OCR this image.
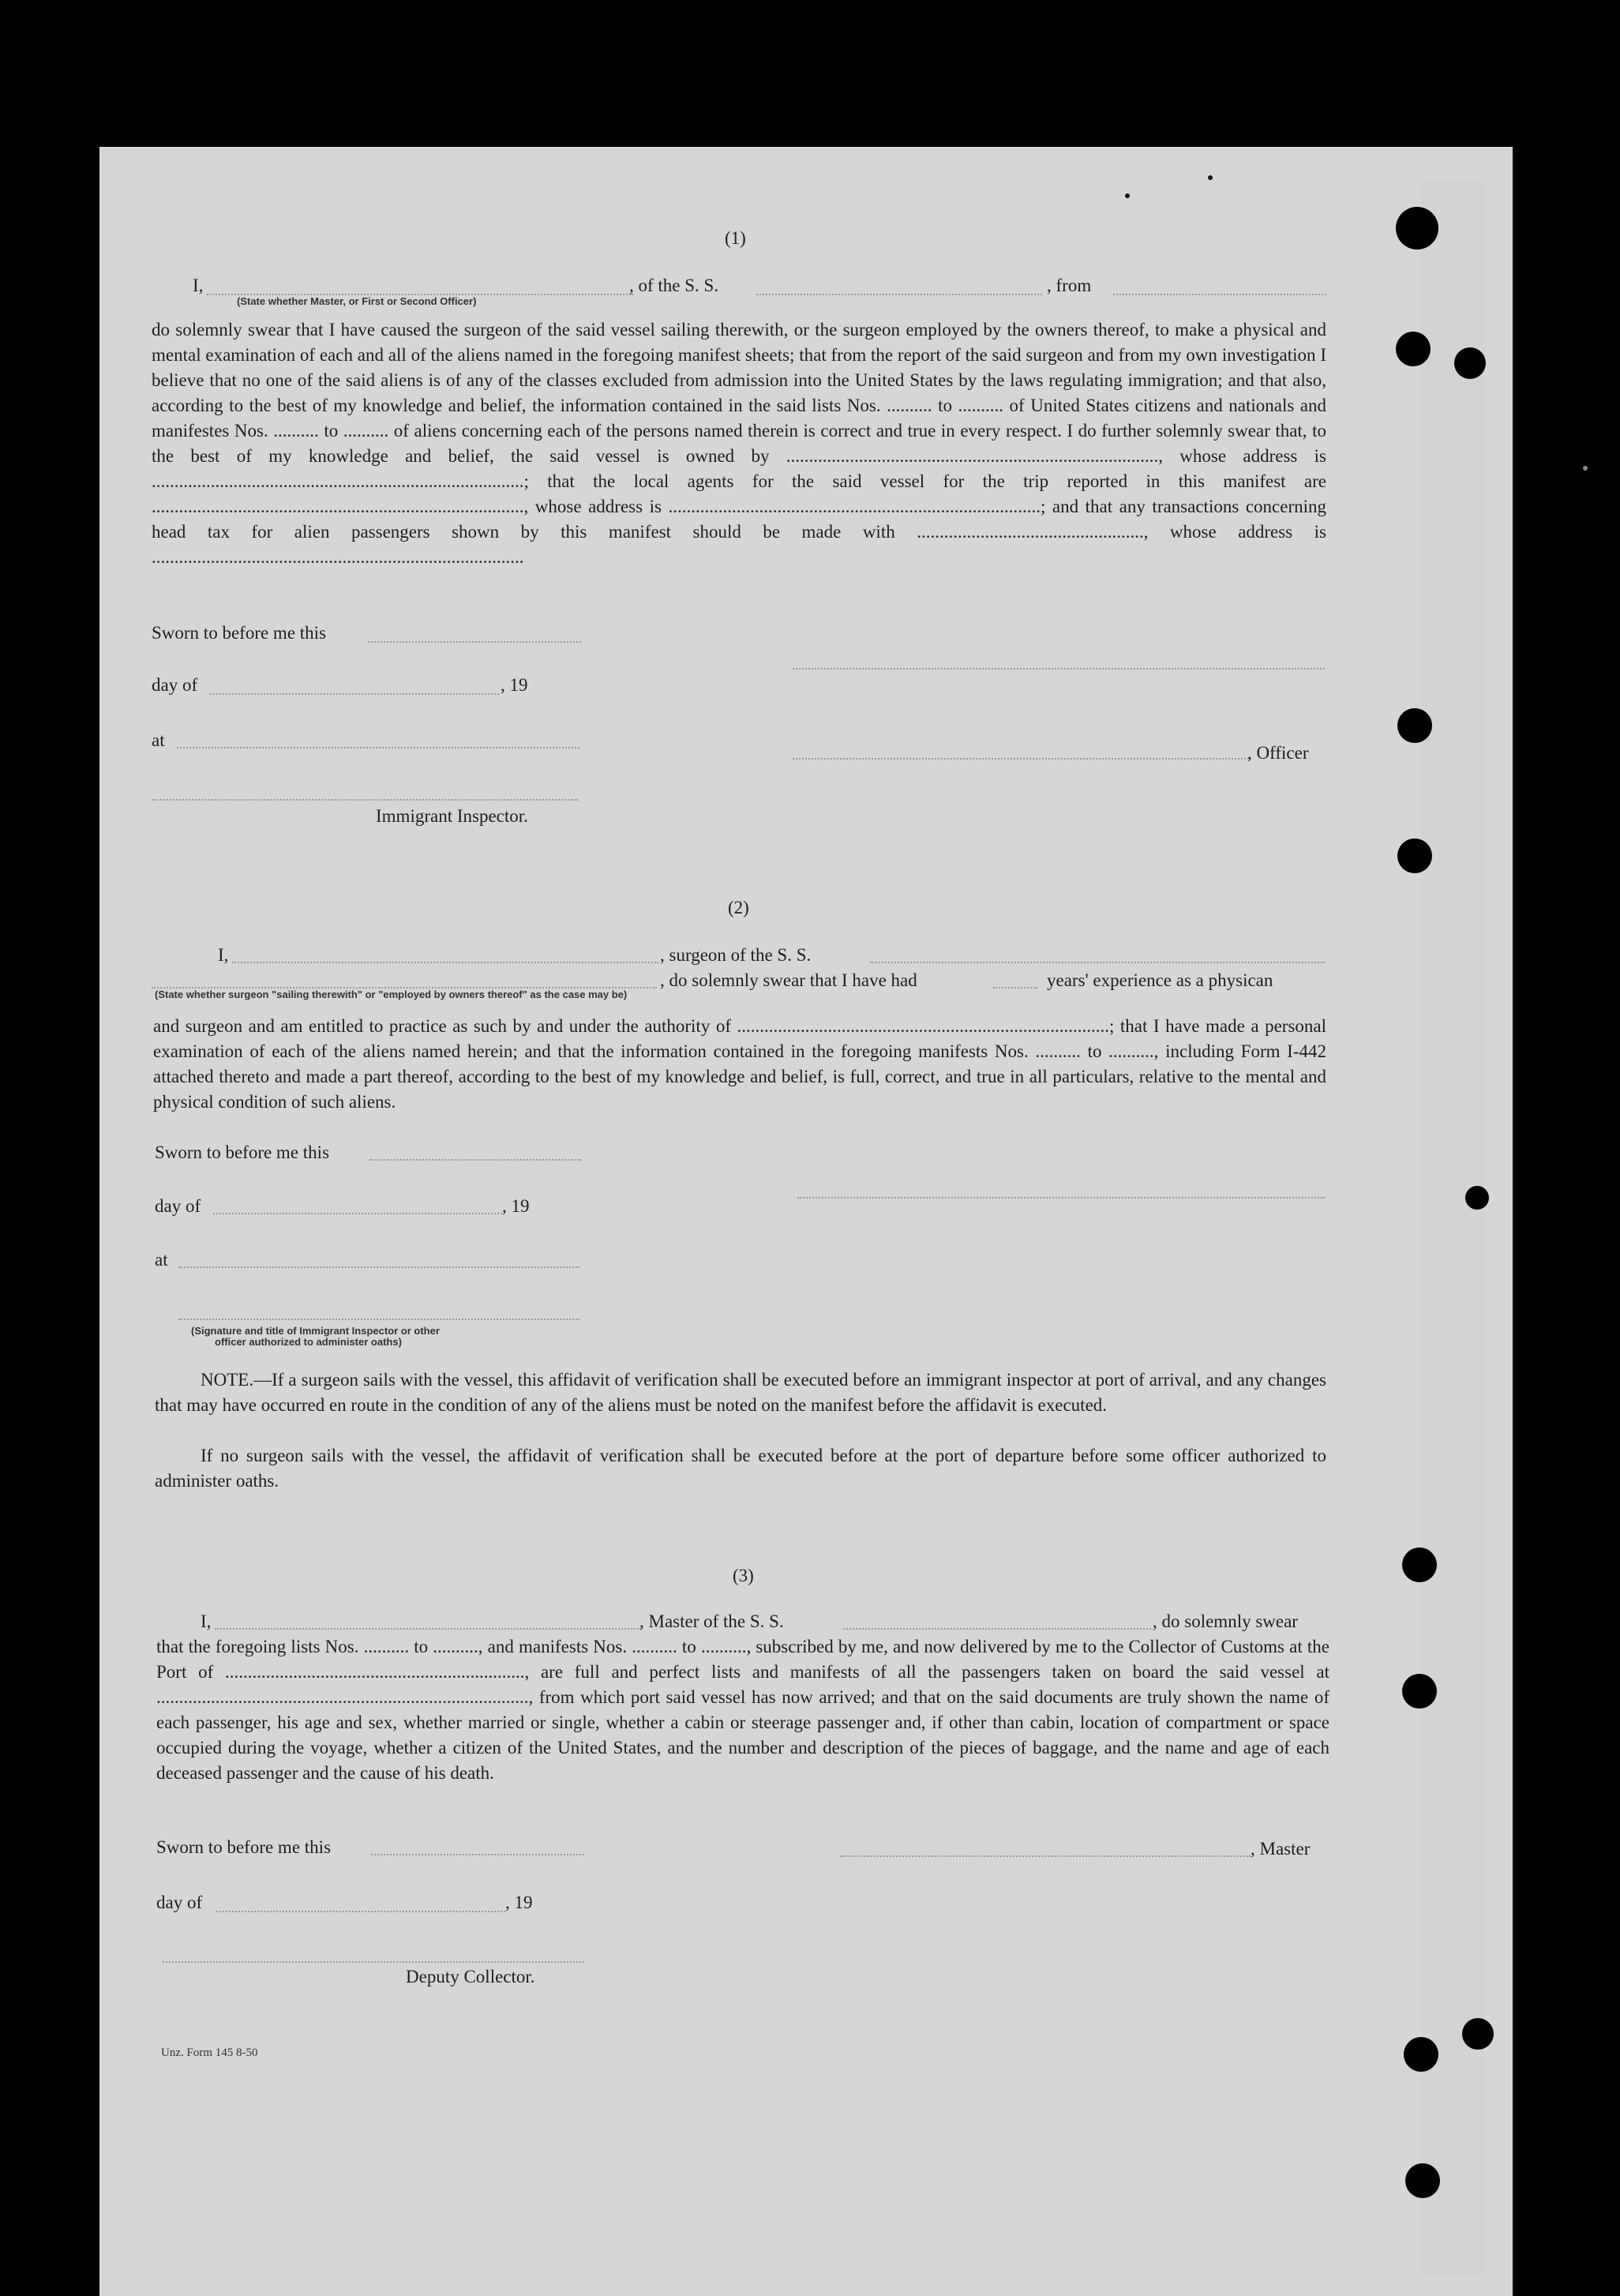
(1)
I,	, of the S. S.	, from
(State whether Master, or First or Second Officer)
do solemnly swear that I have caused the surgeon of the said vessel sailing therewith, or the surgeon employed by the owners thereof, to make a physical and mental examination of each and all of the aliens named in the foregoing manifest sheets; that from the report of the said surgeon and from my own investigation I believe that no one of the said aliens is of any of the classes excluded from admission into the United States by the laws regulating immigration; and that also, according to the best of my knowledge and belief, the information contained in the said lists Nos. .......... to .......... of United States citizens and nationals and manifestes Nos. .......... to .......... of aliens concerning each of the persons named therein is correct and true in every respect. I do further solemnly swear that, to the best of my knowledge and belief, the said vessel is owned by .................................................................................., whose address is ..................................................................................; that the local agents for the said vessel for the trip reported in this manifest are .................................................................................., whose address is ..................................................................................; and that any transactions concerning head tax for alien passengers shown by this manifest should be made with .................................................., whose address is ..................................................................................
Sworn to before me this
day of	, 19
at
, Officer
Immigrant Inspector.
(2)
I,	, surgeon of the S. S.
, do solemnly swear that I have had	years' experience as a physican
(State whether surgeon "sailing therewith" or "employed by owners thereof" as the case may be)
and surgeon and am entitled to practice as such by and under the authority of ..................................................................................; that I have made a personal examination of each of the aliens named herein; and that the information contained in the foregoing manifests Nos. .......... to .........., including Form I-442 attached thereto and made a part thereof, according to the best of my knowledge and belief, is full, correct, and true in all particulars, relative to the mental and physical condition of such aliens.
Sworn to before me this
day of	, 19
at
(Signature and title of Immigrant Inspector or other
officer authorized to administer oaths)
NOTE.—If a surgeon sails with the vessel, this affidavit of verification shall be executed before an immigrant inspector at port of arrival, and any changes that may have occurred en route in the condition of any of the aliens must be noted on the manifest before the affidavit is executed.
If no surgeon sails with the vessel, the affidavit of verification shall be executed before at the port of departure before some officer authorized to administer oaths.
(3)
I,	, Master of the S. S.	, do solemnly swear
that the foregoing lists Nos. .......... to .........., and manifests Nos. .......... to .........., subscribed by me, and now delivered by me to the Collector of Customs at the Port of .................................................................., are full and perfect lists and manifests of all the passengers taken on board the said vessel at .................................................................................., from which port said vessel has now arrived; and that on the said documents are truly shown the name of each passenger, his age and sex, whether married or single, whether a cabin or steerage passenger and, if other than cabin, location of compartment or space occupied during the voyage, whether a citizen of the United States, and the number and description of the pieces of baggage, and the name and age of each deceased passenger and the cause of his death.
Sworn to before me this	, Master
day of	, 19
Deputy Collector.
Unz. Form 145 8-50
